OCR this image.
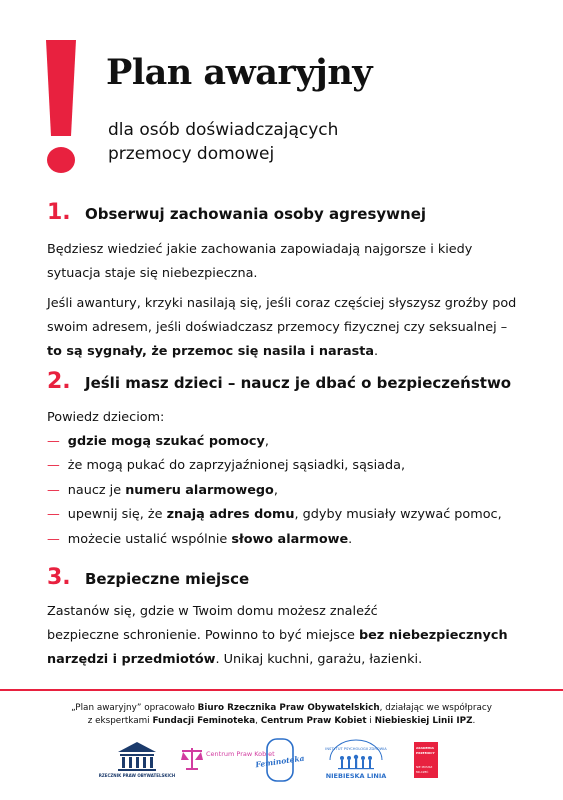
Plan awaryjny
dla osób doświadczających
przemocy domowej
1. Obserwuj zachowania osoby agresywnej

Będziesz wiedzieć jakie zachowania zapowiadają najgorsze i kiedy sytuacja staje się niebezpieczna.

Jeśli awantury, krzyki nasilają się, jeśli coraz częściej słyszysz groźby pod
swoim adresem, jeśli doświadczasz przemocy fizycznej czy seksualnej –
to są sygnały, że przemoc się nasila i narasta.

2. Jeśli masz dzieci – naucz je dbać o bezpieczeństwo

Powiedz dzieciom:

— gdzie mogą szukać pomocy,
— że mogą pukać do zaprzyjaźnionej sąsiadki, sąsiada,
— naucz je numeru alarmowego,
— upewnij się, że znają adres domu, gdyby musiały wzywać pomoc,
— możecie ustalić wspólnie słowo alarmowe.
3. Bezpieczne miejsce

Zastanów się, gdzie w Twoim domu możesz znaleźć
bezpieczne schronienie. Powinno to być miejsce bez niebezpiecznych
narzędzi i przedmiotów. Unikaj kuchni, garażu, łazienki.

„Plan awaryjny” opracowało Biuro Rzecznika Praw Obywatelskich, działając we współpracy
z ekspertkami Fundacji Feminoteka, Centrum Praw Kobiet i Niebieskiej Linii IPZ.

RZECZNIK PRAW OBYWATELSKICH
Centrum Praw Kobiet
Feminoteka
INSTYTUT PSYCHOLOGII ZDROWIA
NIEBIESKA LINIA
AKADEMIA
PRZEMOCY
NIE MUSISZ
MILCZEĆ
